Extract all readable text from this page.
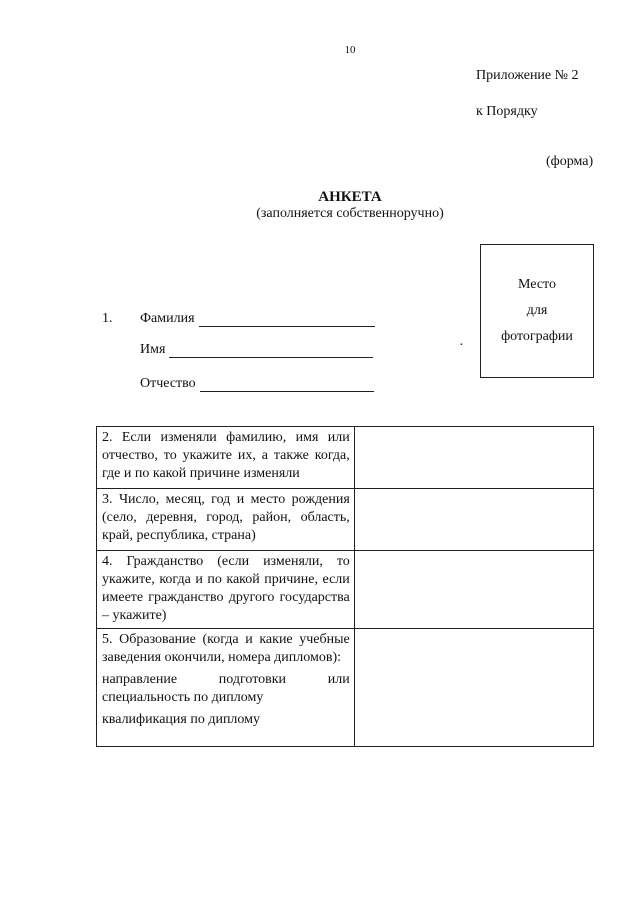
10
Приложение № 2
к Порядку
(форма)
АНКЕТА
(заполняется собственноручно)
Место
для
фотографии
1. Фамилия
Имя
Отчество
·
2. Если изменяли фамилию, имя или отчество, то укажите их, а также когда, где и по какой причине изменяли	
3. Число, месяц, год и место рождения (село, деревня, город, район, область, край, республика, страна)	
4. Гражданство (если изменяли, то укажите, когда и по какой причине, если имеете гражданство другого государства – укажите)	
5. Образование (когда и какие учебные заведения окончили, номера дипломов):
направление подготовки или специальность по диплому
квалификация по диплому	
